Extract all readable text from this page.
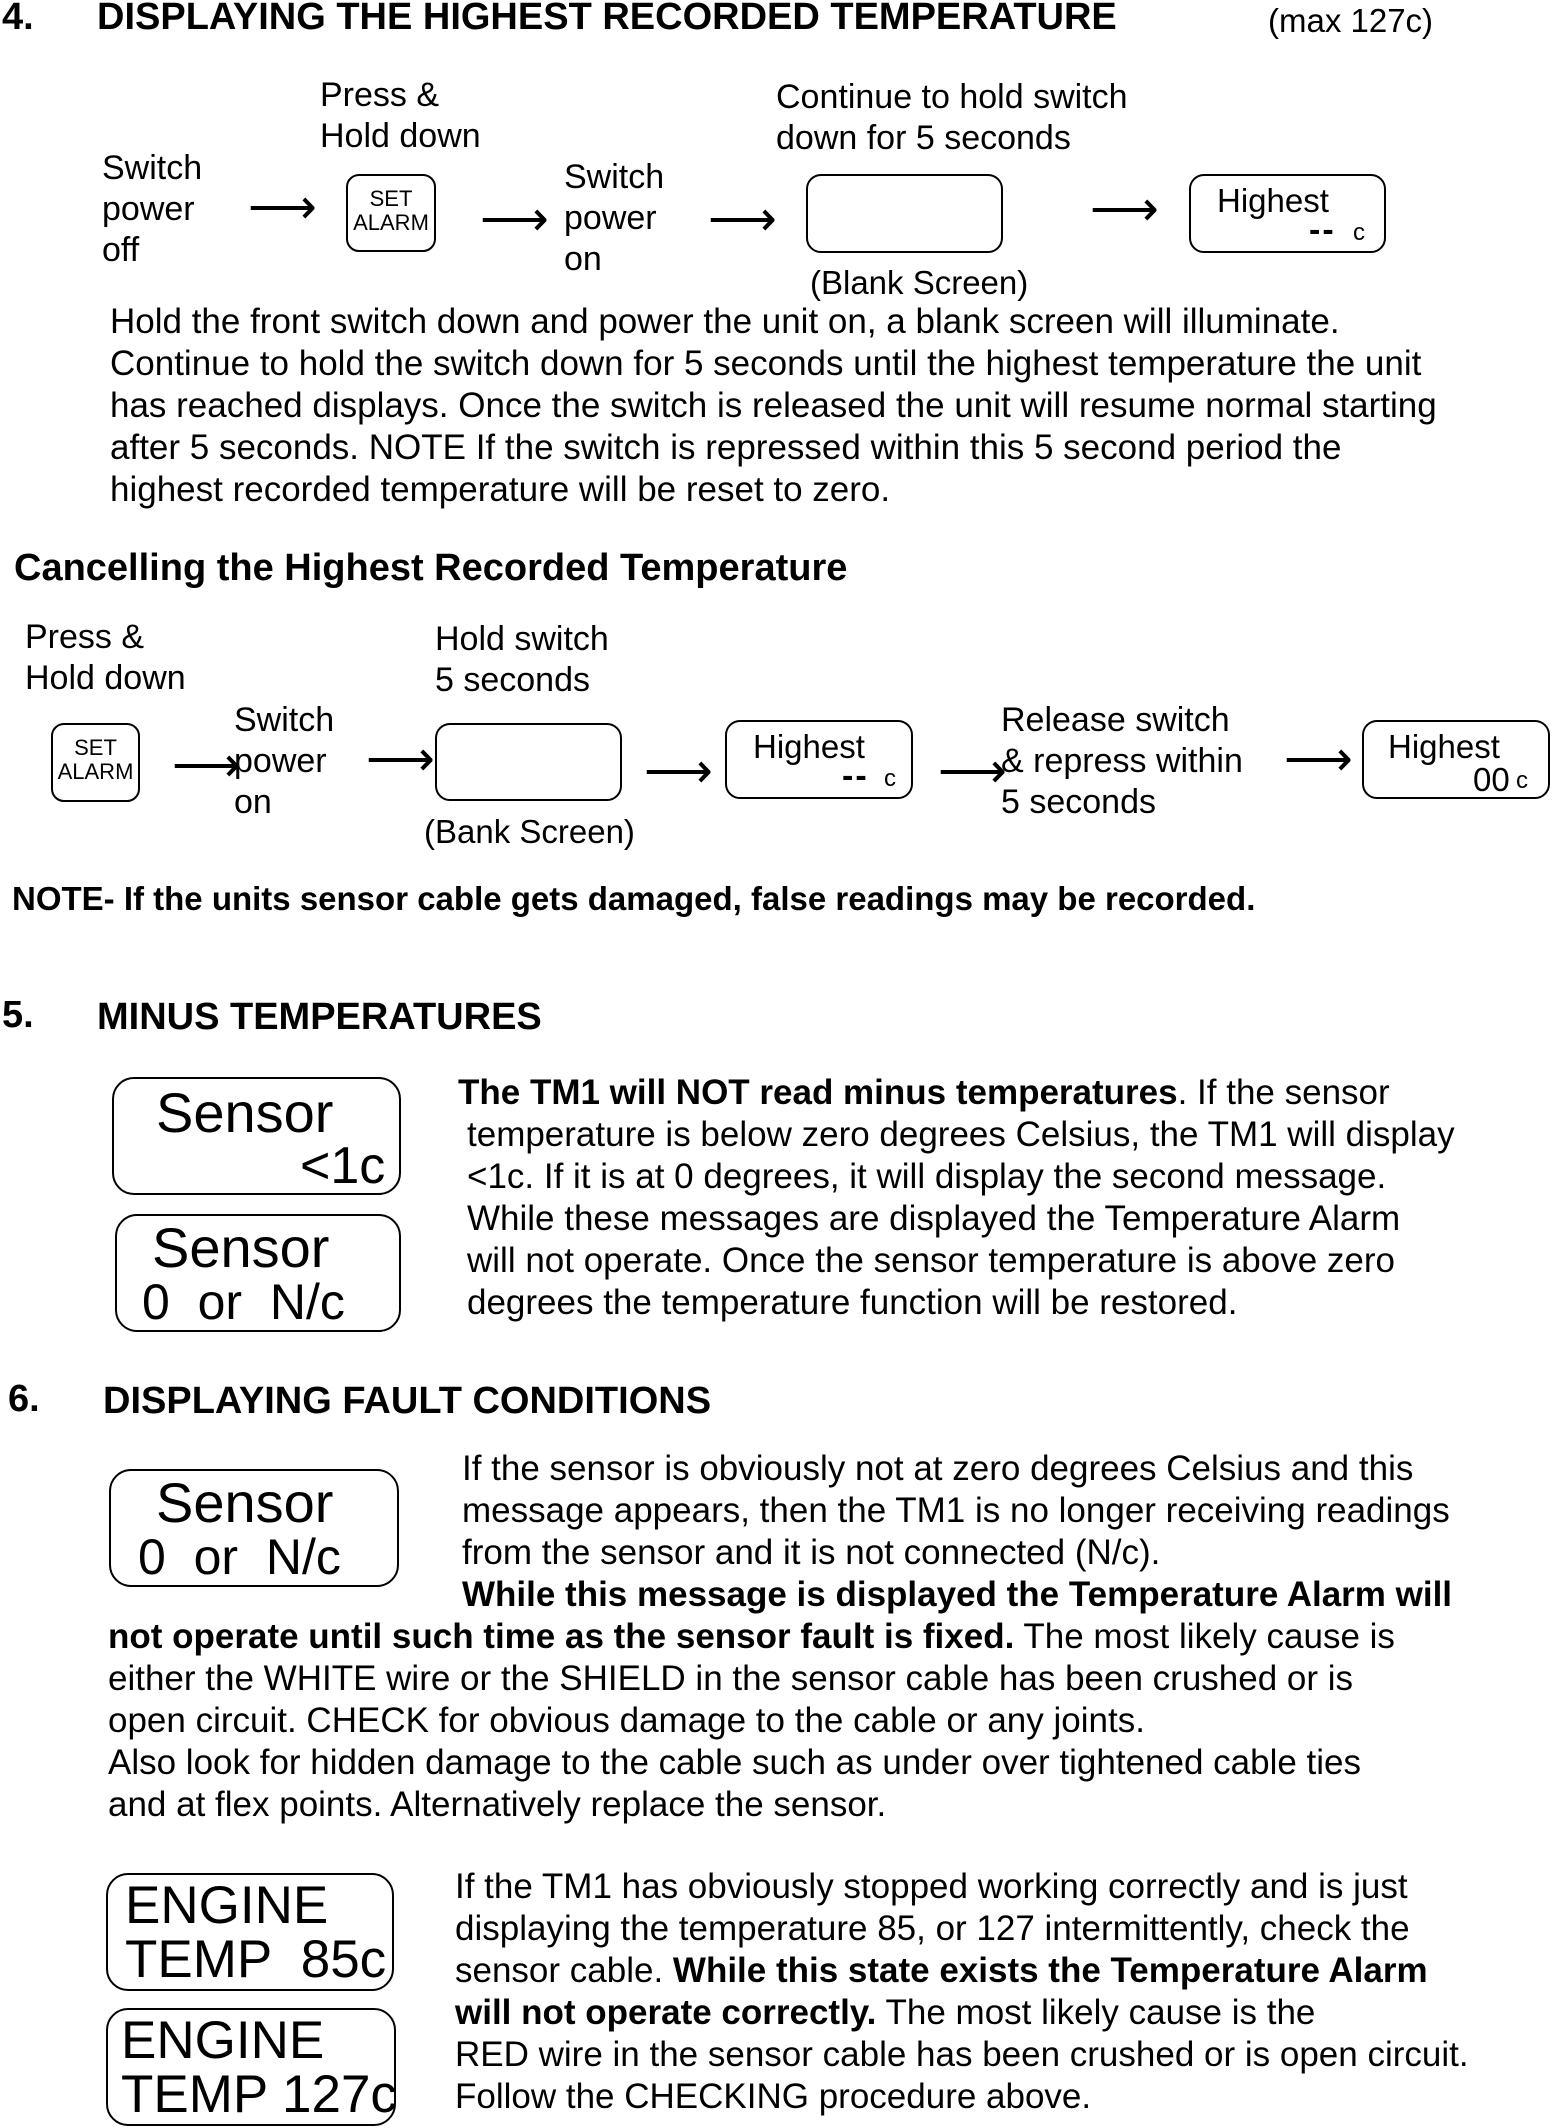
4. DISPLAYING THE HIGHEST RECORDED TEMPERATURE	(max 127c)
Switch
power
off
⟶
Press &
Hold down
SET
ALARM ⟶
Switch
power
on
⟶
Continue to hold switch
down for 5 seconds
(Blank Screen)
⟶ Highest
-- c
Hold the front switch down and power the unit on, a blank screen will illuminate.
Continue to hold the switch down for 5 seconds until the highest temperature the unit
has reached displays. Once the switch is released the unit will resume normal starting
after 5 seconds. NOTE If the switch is repressed within this 5 second period the
highest recorded temperature will be reset to zero.
Cancelling the Highest Recorded Temperature
Press &
Hold down
SET
ALARM ⟶
Switch
power
on
⟶
Hold switch
5 seconds
(Bank Screen)
⟶ Highest
-- c ⟶
Release switch
& repress within
5 seconds
⟶ Highest
00 c
NOTE- If the units sensor cable gets damaged, false readings may be recorded.
5. MINUS TEMPERATURES
Sensor
<1c
Sensor
0  or  N/c
The TM1 will NOT read minus temperatures. If the sensor
temperature is below zero degrees Celsius, the TM1 will display
<1c. If it is at 0 degrees, it will display the second message.
While these messages are displayed the Temperature Alarm
will not operate. Once the sensor temperature is above zero
degrees the temperature function will be restored.
6. DISPLAYING FAULT CONDITIONS
Sensor
0  or  N/c
If the sensor is obviously not at zero degrees Celsius and this
message appears, then the TM1 is no longer receiving readings
from the sensor and it is not connected (N/c).
While this message is displayed the Temperature Alarm will
not operate until such time as the sensor fault is fixed. The most likely cause is
either the WHITE wire or the SHIELD in the sensor cable has been crushed or is
open circuit. CHECK for obvious damage to the cable or any joints.
Also look for hidden damage to the cable such as under over tightened cable ties
and at flex points. Alternatively replace the sensor.
ENGINE
TEMP  85c
ENGINE
TEMP 127c
If the TM1 has obviously stopped working correctly and is just
displaying the temperature 85, or 127 intermittently, check the
sensor cable. While this state exists the Temperature Alarm
will not operate correctly. The most likely cause is the
RED wire in the sensor cable has been crushed or is open circuit.
Follow the CHECKING procedure above.
